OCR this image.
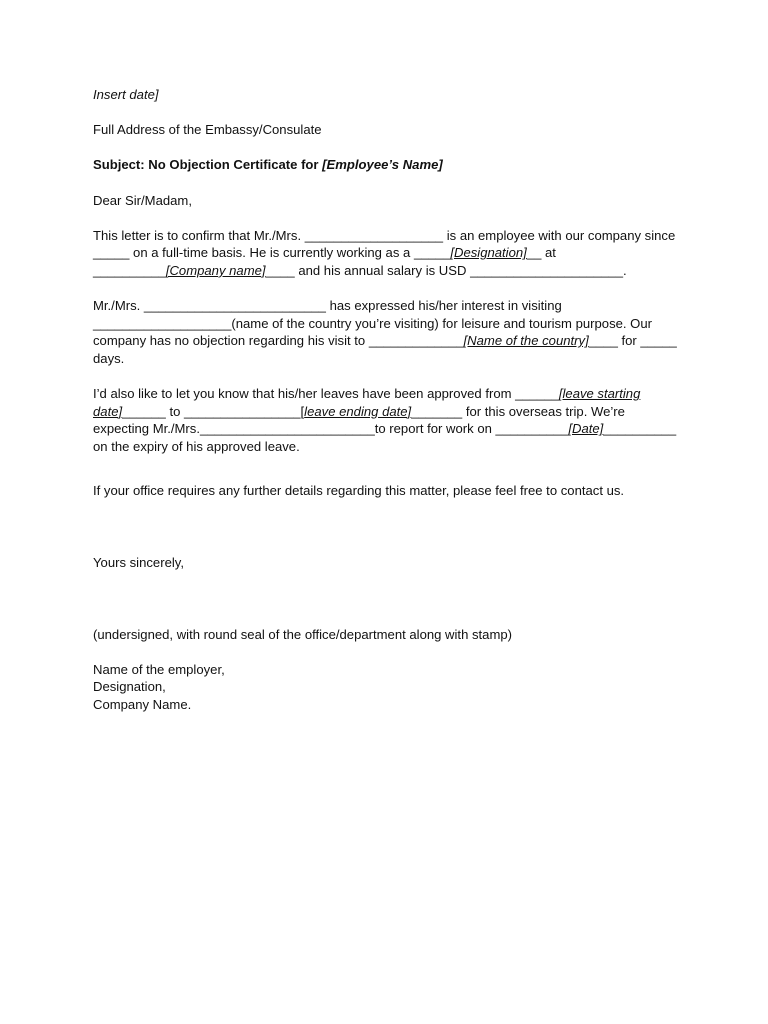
Insert date]

Full Address of the Embassy/Consulate

Subject: No Objection Certificate for [Employee’s Name]

Dear Sir/Madam,

This letter is to confirm that Mr./Mrs. ___________________ is an employee with our company since

_____ on a full-time basis. He is currently working as a _____[Designation]__ at

__________[Company name]____ and his annual salary is USD _____________________.

Mr./Mrs. _________________________ has expressed his/her interest in visiting

___________________(name of the country you’re visiting) for leisure and tourism purpose. Our

company has no objection regarding his visit to _____________[Name of the country]____ for _____

days.

I’d also like to let you know that his/her leaves have been approved from ______[leave starting

date]______ to ________________[leave ending date]_______ for this overseas trip. We’re

expecting Mr./Mrs.________________________to report for work on __________[Date]__________

on the expiry of his approved leave.

If your office requires any further details regarding this matter, please feel free to contact us.

Yours sincerely,

(undersigned, with round seal of the office/department along with stamp)

Name of the employer,

Designation,

Company Name.
